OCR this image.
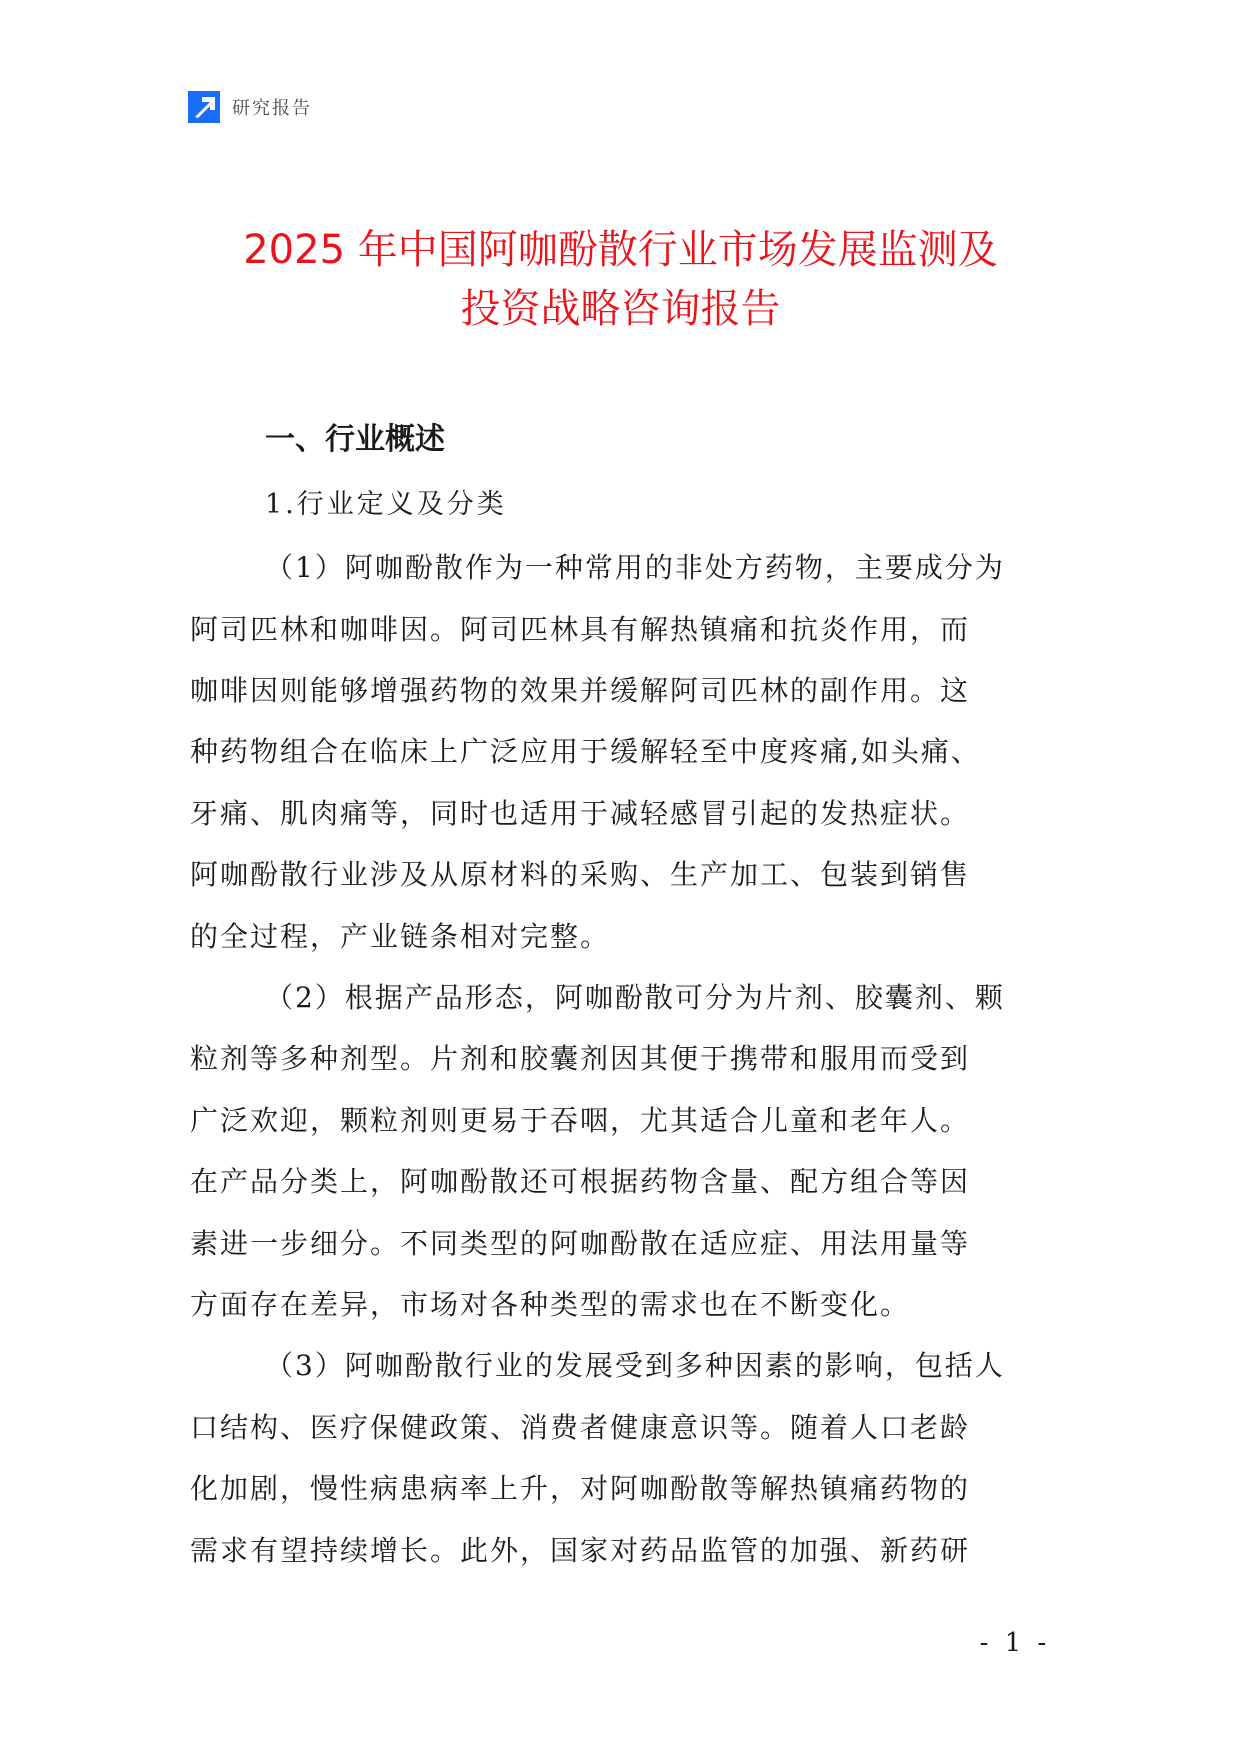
研究报告
2025 年中国阿咖酚散行业市场发展监测及
投资战略咨询报告
一、行业概述
1.行业定义及分类
（1）阿咖酚散作为一种常用的非处方药物，主要成分为
阿司匹林和咖啡因。阿司匹林具有解热镇痛和抗炎作用，而
咖啡因则能够增强药物的效果并缓解阿司匹林的副作用。这
种药物组合在临床上广泛应用于缓解轻至中度疼痛,如头痛、
牙痛、肌肉痛等，同时也适用于减轻感冒引起的发热症状。
阿咖酚散行业涉及从原材料的采购、生产加工、包装到销售
的全过程，产业链条相对完整。
（2）根据产品形态，阿咖酚散可分为片剂、胶囊剂、颗
粒剂等多种剂型。片剂和胶囊剂因其便于携带和服用而受到
广泛欢迎，颗粒剂则更易于吞咽，尤其适合儿童和老年人。
在产品分类上，阿咖酚散还可根据药物含量、配方组合等因
素进一步细分。不同类型的阿咖酚散在适应症、用法用量等
方面存在差异，市场对各种类型的需求也在不断变化。
（3）阿咖酚散行业的发展受到多种因素的影响，包括人
口结构、医疗保健政策、消费者健康意识等。随着人口老龄
化加剧，慢性病患病率上升，对阿咖酚散等解热镇痛药物的
需求有望持续增长。此外，国家对药品监管的加强、新药研
- 1 -
